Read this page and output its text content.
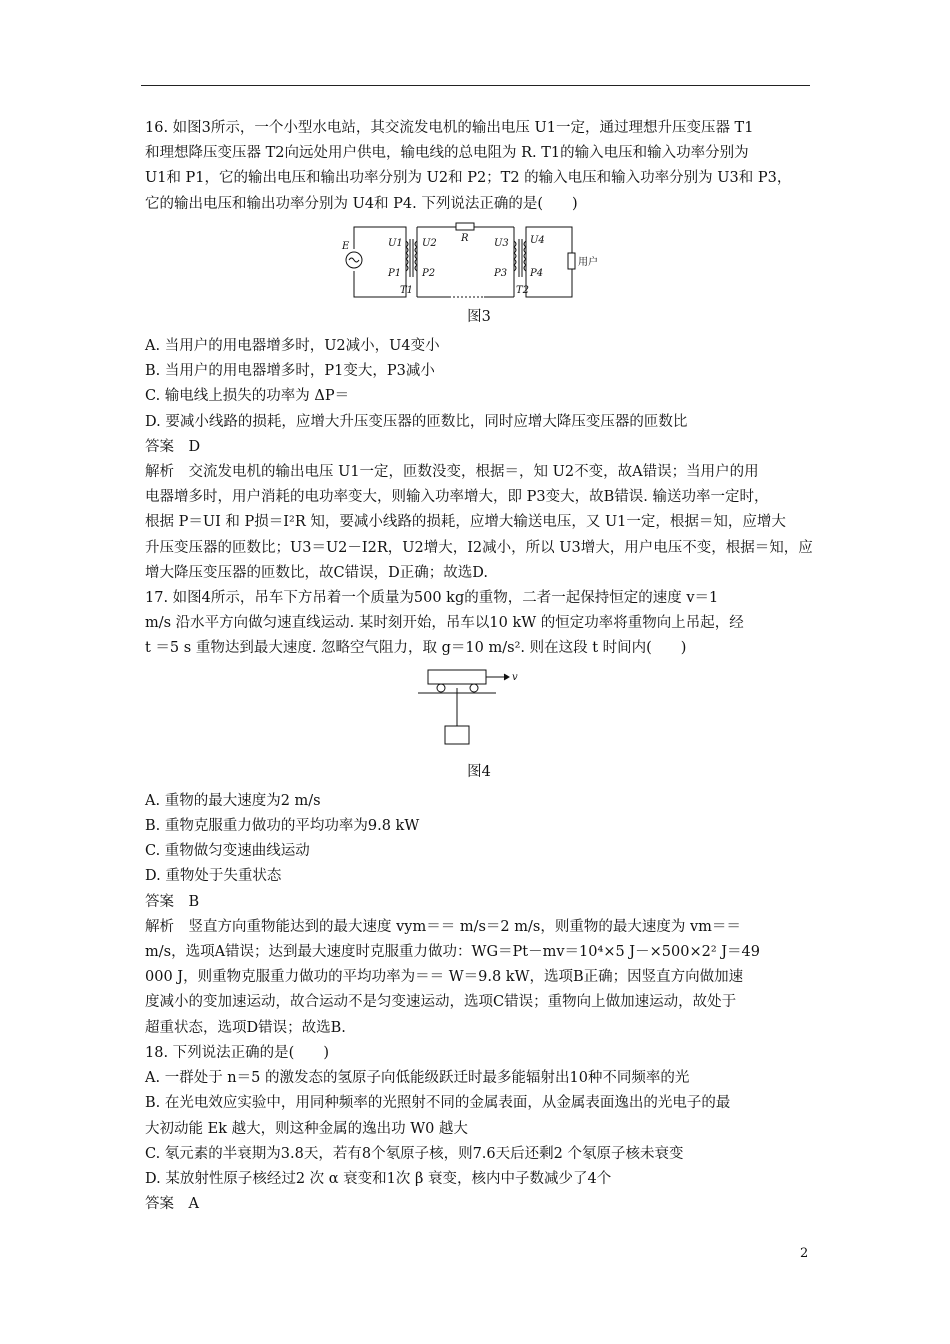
16. 如图3所示，一个小型水电站，其交流发电机的输出电压 U1一定，通过理想升压变压器 T1

和理想降压变压器 T2向远处用户供电，输电线的总电阻为 R. T1的输入电压和输入功率分别为

U1和 P1，它的输出电压和输出功率分别为 U2和 P2；T2 的输入电压和输入功率分别为 U3和 P3，

它的输出电压和输出功率分别为 U4和 P4. 下列说法正确的是(　　)

E	U1
P1
T1
U2
P2
R	U3
P3
T2
U4
P4
用户

图3

A. 当用户的用电器增多时，U2减小，U4变小

B. 当用户的用电器增多时，P1变大，P3减小

C. 输电线上损失的功率为 ΔP＝

D. 要减小线路的损耗，应增大升压变压器的匝数比，同时应增大降压变压器的匝数比

答案　D

解析　交流发电机的输出电压 U1一定，匝数没变，根据＝，知 U2不变，故A错误；当用户的用

电器增多时，用户消耗的电功率变大，则输入功率增大，即 P3变大，故B错误. 输送功率一定时，

根据 P＝UI 和 P损＝I²R 知，要减小线路的损耗，应增大输送电压，又 U1一定，根据＝知，应增大

升压变压器的匝数比；U3＝U2－I2R，U2增大，I2减小，所以 U3增大，用户电压不变，根据＝知，应

增大降压变压器的匝数比，故C错误，D正确；故选D.

17. 如图4所示，吊车下方吊着一个质量为500 kg的重物，二者一起保持恒定的速度 v＝1

m/s 沿水平方向做匀速直线运动. 某时刻开始，吊车以10 kW 的恒定功率将重物向上吊起，经

t ＝5 s 重物达到最大速度. 忽略空气阻力，取 g＝10 m/s². 则在这段 t 时间内(　　)

v

图4

A. 重物的最大速度为2 m/s

B. 重物克服重力做功的平均功率为9.8 kW

C. 重物做匀变速曲线运动

D. 重物处于失重状态

答案　B

解析　竖直方向重物能达到的最大速度 vym＝＝ m/s＝2 m/s，则重物的最大速度为 vm＝＝

m/s，选项A错误；达到最大速度时克服重力做功：WG＝Pt－mv＝10⁴×5 J－×500×2² J＝49

000 J，则重物克服重力做功的平均功率为＝＝ W＝9.8 kW，选项B正确；因竖直方向做加速

度减小的变加速运动，故合运动不是匀变速运动，选项C错误；重物向上做加速运动，故处于

超重状态，选项D错误；故选B.

18. 下列说法正确的是(　　)

A. 一群处于 n＝5 的激发态的氢原子向低能级跃迁时最多能辐射出10种不同频率的光

B. 在光电效应实验中，用同种频率的光照射不同的金属表面，从金属表面逸出的光电子的最

大初动能 Ek 越大，则这种金属的逸出功 W0 越大

C. 氡元素的半衰期为3.8天，若有8个氡原子核，则7.6天后还剩2 个氡原子核未衰变

D. 某放射性原子核经过2 次 α 衰变和1次 β 衰变，核内中子数减少了4个

答案　A

2
